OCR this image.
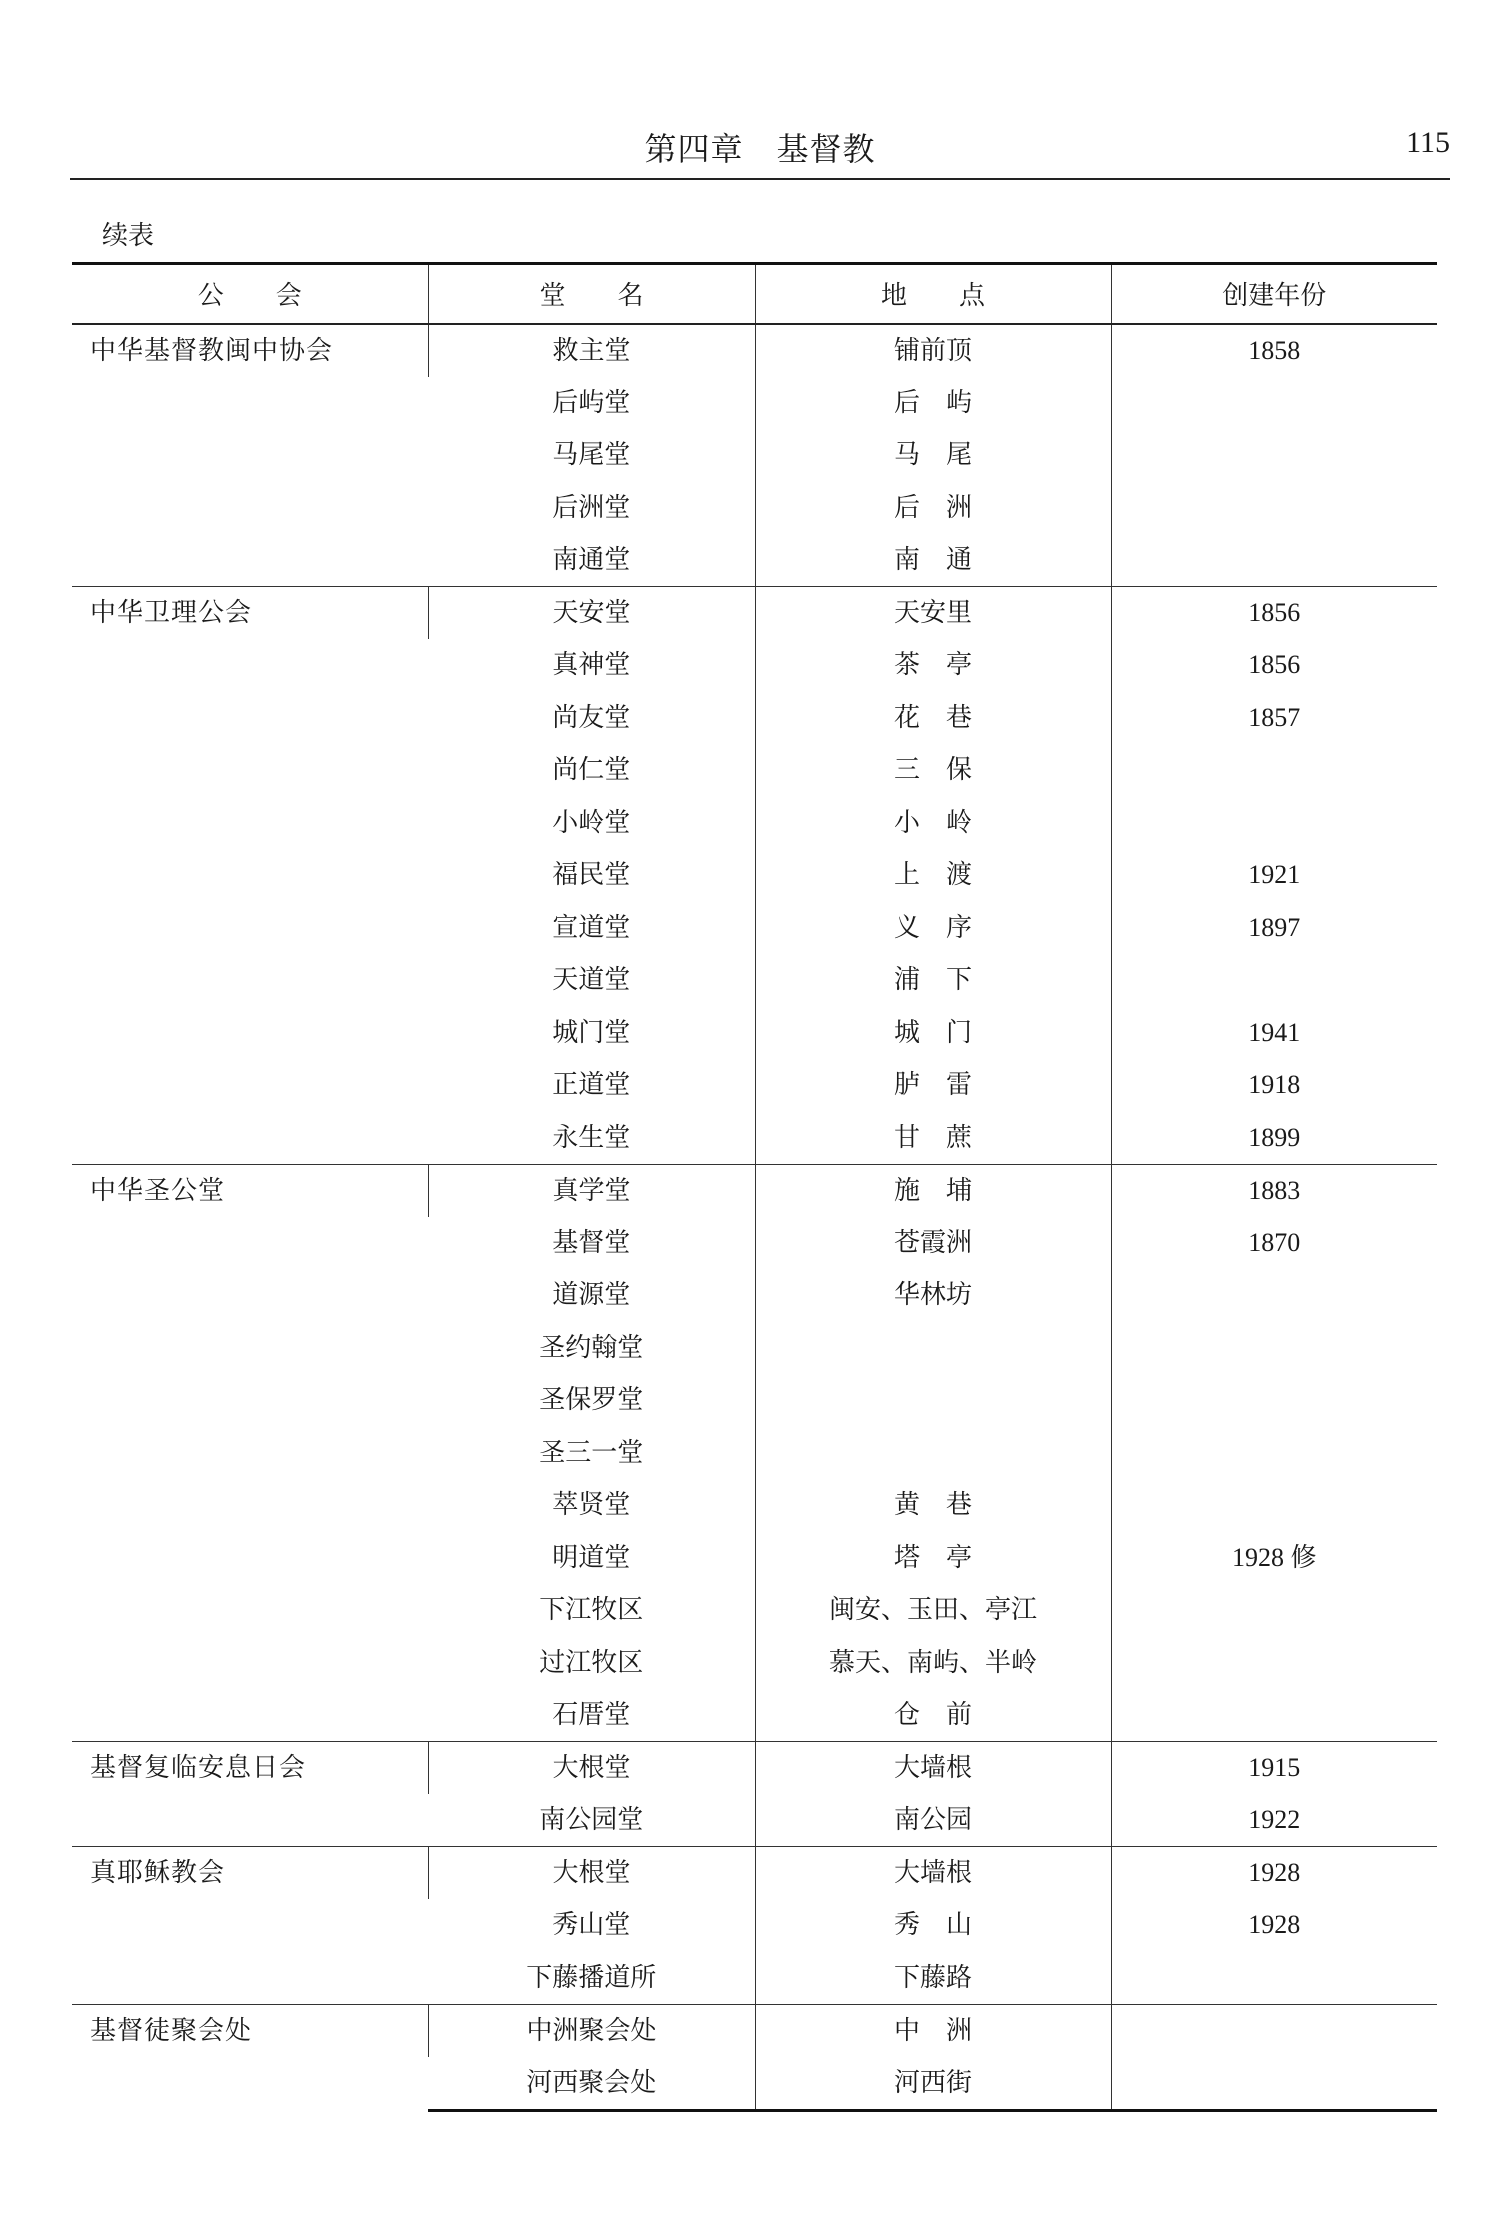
第四章　基督教	115
续表
公　　会	堂　　名	地　　点	创建年份
中华基督教闽中协会	救主堂	铺前顶	1858
	后屿堂	后　屿	
	马尾堂	马　尾	
	后洲堂	后　洲	
	南通堂	南　通	
中华卫理公会	天安堂	天安里	1856
	真神堂	茶　亭	1856
	尚友堂	花　巷	1857
	尚仁堂	三　保	
	小岭堂	小　岭	
	福民堂	上　渡	1921
	宣道堂	义　序	1897
	天道堂	浦　下	
	城门堂	城　门	1941
	正道堂	胪　雷	1918
	永生堂	甘　蔗	1899
中华圣公堂	真学堂	施　埔	1883
	基督堂	苍霞洲	1870
	道源堂	华林坊	
	圣约翰堂		
	圣保罗堂		
	圣三一堂		
	萃贤堂	黄　巷	
	明道堂	塔　亭	1928 修
	下江牧区	闽安、玉田、亭江	
	过江牧区	慕天、南屿、半岭	
	石厝堂	仓　前	
基督复临安息日会	大根堂	大墙根	1915
	南公园堂	南公园	1922
真耶稣教会	大根堂	大墙根	1928
	秀山堂	秀　山	1928
	下藤播道所	下藤路	
基督徒聚会处	中洲聚会处	中　洲	
	河西聚会处	河西街	
